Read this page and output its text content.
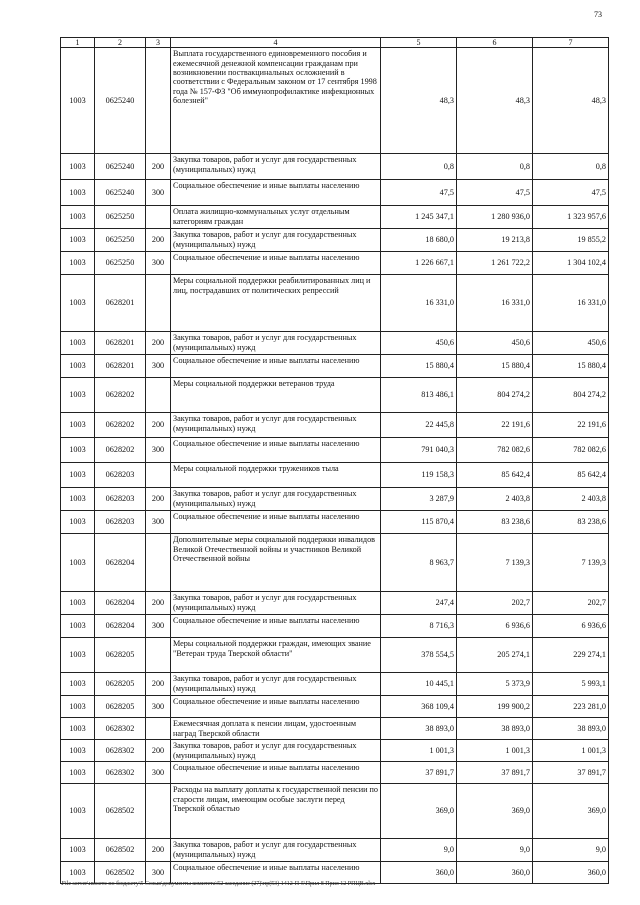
73
1	2	3	4	5	6	7
1003	0625240		Выплата государственного единовременного пособия и ежемесячной денежной компенсации гражданам при возникновении поствакцинальных осложнений в соответствии с Федеральным законом от 17 сентября 1998 года № 157-ФЗ "Об иммунопрофилактике инфекционных болезней"	48,3	48,3	48,3
1003	0625240	200	Закупка товаров, работ и услуг для государственных (муниципальных) нужд	0,8	0,8	0,8
1003	0625240	300	Социальное обеспечение и иные выплаты населению	47,5	47,5	47,5
1003	0625250		Оплата жилищно-коммунальных услуг отдельным категориям граждан	1 245 347,1	1 280 936,0	1 323 957,6
1003	0625250	200	Закупка товаров, работ и услуг для государственных (муниципальных) нужд	18 680,0	19 213,8	19 855,2
1003	0625250	300	Социальное обеспечение и иные выплаты населению	1 226 667,1	1 261 722,2	1 304 102,4
1003	0628201		Меры социальной поддержки реабилитированных лиц и лиц, пострадавших от политических репрессий	16 331,0	16 331,0	16 331,0
1003	0628201	200	Закупка товаров, работ и услуг для государственных (муниципальных) нужд	450,6	450,6	450,6
1003	0628201	300	Социальное обеспечение и иные выплаты населению	15 880,4	15 880,4	15 880,4
1003	0628202		Меры социальной поддержки ветеранов труда	813 486,1	804 274,2	804 274,2
1003	0628202	200	Закупка товаров, работ и услуг для государственных (муниципальных) нужд	22 445,8	22 191,6	22 191,6
1003	0628202	300	Социальное обеспечение и иные выплаты населению	791 040,3	782 082,6	782 082,6
1003	0628203		Меры социальной поддержки тружеников тыла	119 158,3	85 642,4	85 642,4
1003	0628203	200	Закупка товаров, работ и услуг для государственных (муниципальных) нужд	3 287,9	2 403,8	2 403,8
1003	0628203	300	Социальное обеспечение и иные выплаты населению	115 870,4	83 238,6	83 238,6
1003	0628204		Дополнительные меры социальной поддержки инвалидов Великой Отечественной войны и участников Великой Отечественной войны	8 963,7	7 139,3	7 139,3
1003	0628204	200	Закупка товаров, работ и услуг для государственных (муниципальных) нужд	247,4	202,7	202,7
1003	0628204	300	Социальное обеспечение и иные выплаты населению	8 716,3	6 936,6	6 936,6
1003	0628205		Меры социальной поддержки граждан, имеющих звание "Ветеран труда Тверской области"	378 554,5	205 274,1	229 274,1
1003	0628205	200	Закупка товаров, работ и услуг для государственных (муниципальных) нужд	10 445,1	5 373,9	5 993,1
1003	0628205	300	Социальное обеспечение и иные выплаты населению	368 109,4	199 900,2	223 281,0
1003	0628302		Ежемесячная доплата к пенсии лицам, удостоенным наград Тверской области	38 893,0	38 893,0	38 893,0
1003	0628302	200	Закупка товаров, работ и услуг для государственных (муниципальных) нужд	1 001,3	1 001,3	1 001,3
1003	0628302	300	Социальное обеспечение и иные выплаты населению	37 891,7	37 891,7	37 891,7
1003	0628502		Расходы на выплату доплаты к государственной пенсии по старости лицам, имеющим особые заслуги перед Тверской областью	369,0	369,0	369,0
1003	0628502	200	Закупка товаров, работ и услуг для государственных (муниципальных) нужд	9,0	9,0	9,0
1003	0628502	300	Социальное обеспечение и иные выплаты населению	360,0	360,0	360,0
\File server\имоетс по бюджету\5 Созыв\документы комитета\52 заседание (27)\пр(53) 1412-П-5\Прил 8 Прил 12 РПЦВ.xlsx
